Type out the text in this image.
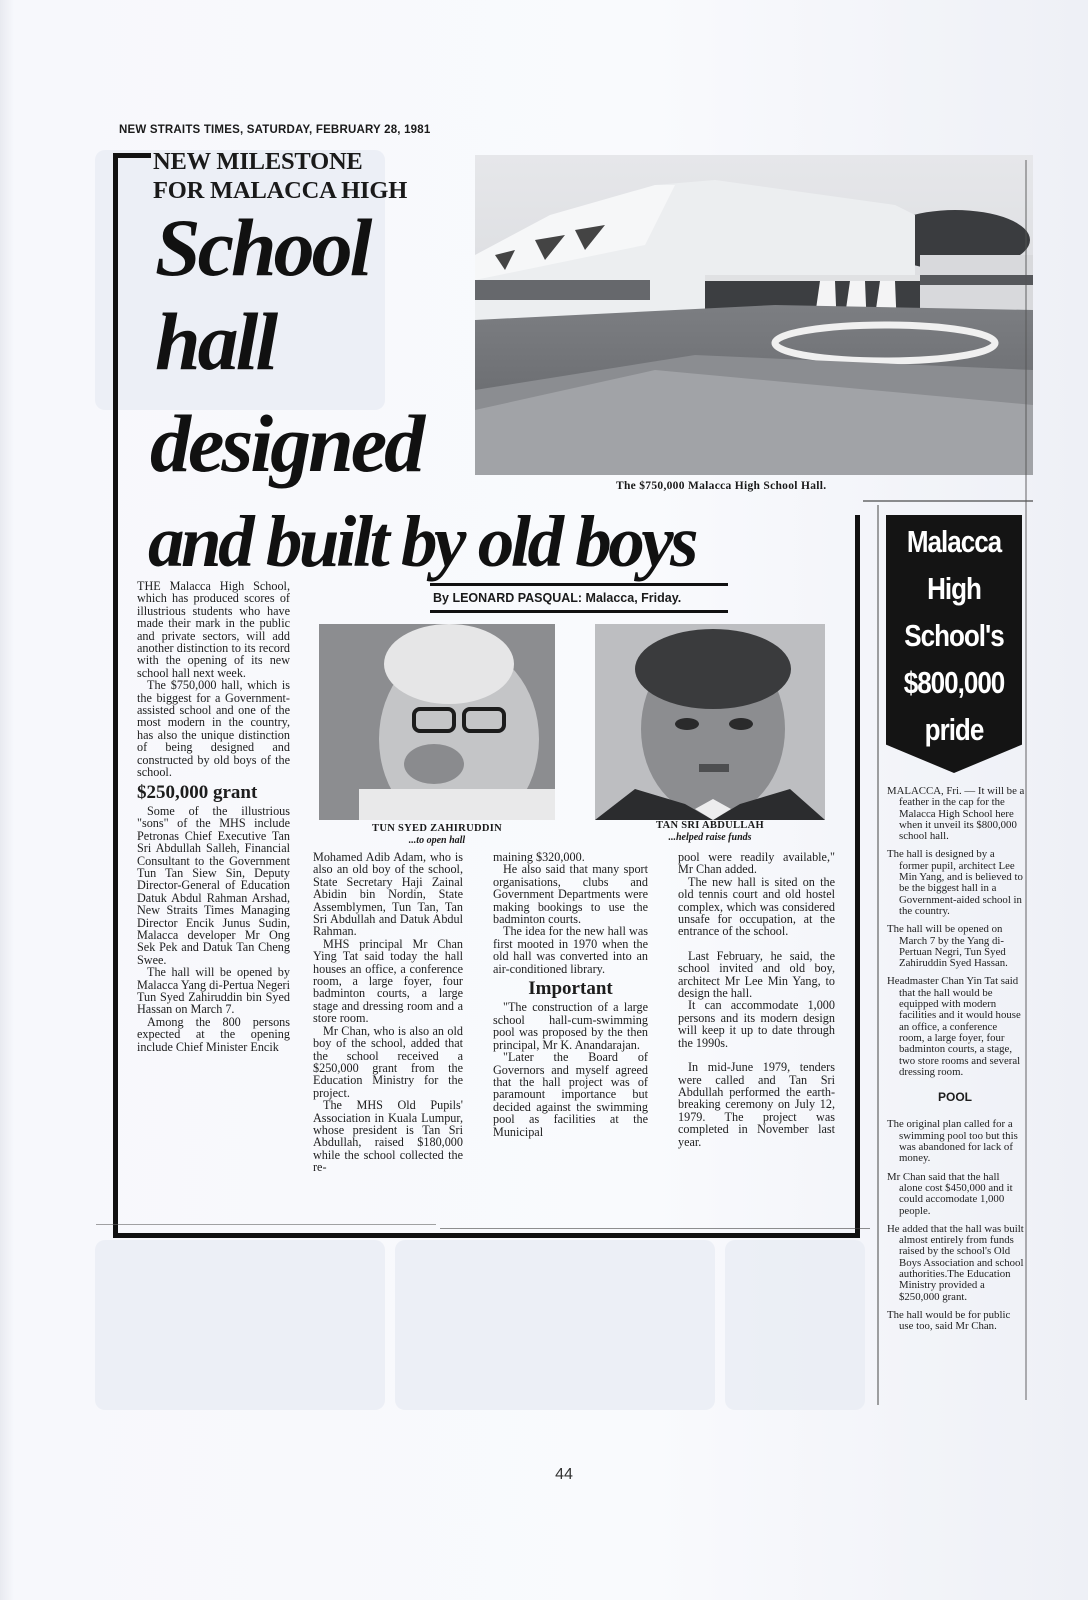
NEW STRAITS TIMES, SATURDAY, FEBRUARY 28, 1981
NEW MILESTONE
FOR MALACCA HIGH
School
hall
designed
and built by old boys
The $750,000 Malacca High School Hall.
By LEONARD PASQUAL: Malacca, Friday.

THE Malacca High School, which has produced scores of illustrious students who have made their mark in the public and private sectors, will add another distinction to its record with the opening of its new school hall next week.

The $750,000 hall, which is the biggest for a Government-assisted school and one of the most modern in the country, has also the unique distinction of being designed and constructed by old boys of the school.

$250,000 grant

Some of the illustrious "sons" of the MHS include Petronas Chief Executive Tan Sri Abdullah Salleh, Financial Consultant to the Government Tun Tan Siew Sin, Deputy Director-General of Education Datuk Abdul Rahman Arshad, New Straits Times Managing Director Encik Junus Sudin, Malacca developer Mr Ong Sek Pek and Datuk Tan Cheng Swee.

The hall will be opened by Malacca Yang di-Pertua Negeri Tun Syed Zahiruddin bin Syed Hassan on March 7.

Among the 800 persons expected at the opening include Chief Minister Encik

TUN SYED ZAHIRUDDIN
...to open hall
TAN SRI ABDULLAH
...helped raise funds

Mohamed Adib Adam, who is also an old boy of the school, State Secretary Haji Zainal Abidin bin Nordin, State Assemblymen, Tun Tan, Tan Sri Abdullah and Datuk Abdul Rahman.

MHS principal Mr Chan Ying Tat said today the hall houses an office, a conference room, a large foyer, four badminton courts, a large stage and dressing room and a store room.

Mr Chan, who is also an old boy of the school, added that the school received a $250,000 grant from the Education Ministry for the project.

The MHS Old Pupils' Association in Kuala Lumpur, whose president is Tan Sri Abdullah, raised $180,000 while the school collected the re-

maining $320,000.

He also said that many sport organisations, clubs and Government Departments were making bookings to use the badminton courts.

The idea for the new hall was first mooted in 1970 when the old hall was converted into an air-conditioned library.

Important

"The construction of a large school hall-cum-swimming pool was proposed by the then principal, Mr K. Anandarajan.

"Later the Board of Governors and myself agreed that the hall project was of paramount importance but decided against the swimming pool as facilities at the Municipal

pool were readily available," Mr Chan added.

The new hall is sited on the old tennis court and old hostel complex, which was considered unsafe for occupation, at the entrance of the school.

Last February, he said, the school invited and old boy, architect Mr Lee Min Yang, to design the hall.

It can accommodate 1,000 persons and its modern design will keep it up to date through the 1990s.

In mid-June 1979, tenders were called and Tan Sri Abdullah performed the earth-breaking ceremony on July 12, 1979. The project was completed in November last year.

Malacca
High
School's
$800,000
pride

MALACCA, Fri. — It will be a feather in the cap for the Malacca High School here when it unveil its $800,000 school hall.

The hall is designed by a former pupil, architect Lee Min Yang, and is believed to be the biggest hall in a Government-aided school in the country.

The hall will be opened on March 7 by the Yang di-Pertuan Negri, Tun Syed Zahiruddin Syed Hassan.

Headmaster Chan Yin Tat said that the hall would be equipped with modern facilities and it would house an office, a conference room, a large foyer, four badminton courts, a stage, two store rooms and several dressing room.

POOL

The original plan called for a swimming pool too but this was abandoned for lack of money.

Mr Chan said that the hall alone cost $450,000 and it could accomodate 1,000 people.

He added that the hall was built almost entirely from funds raised by the school's Old Boys Association and school authorities.The Education Ministry provided a $250,000 grant.

The hall would be for public use too, said Mr Chan.

44
